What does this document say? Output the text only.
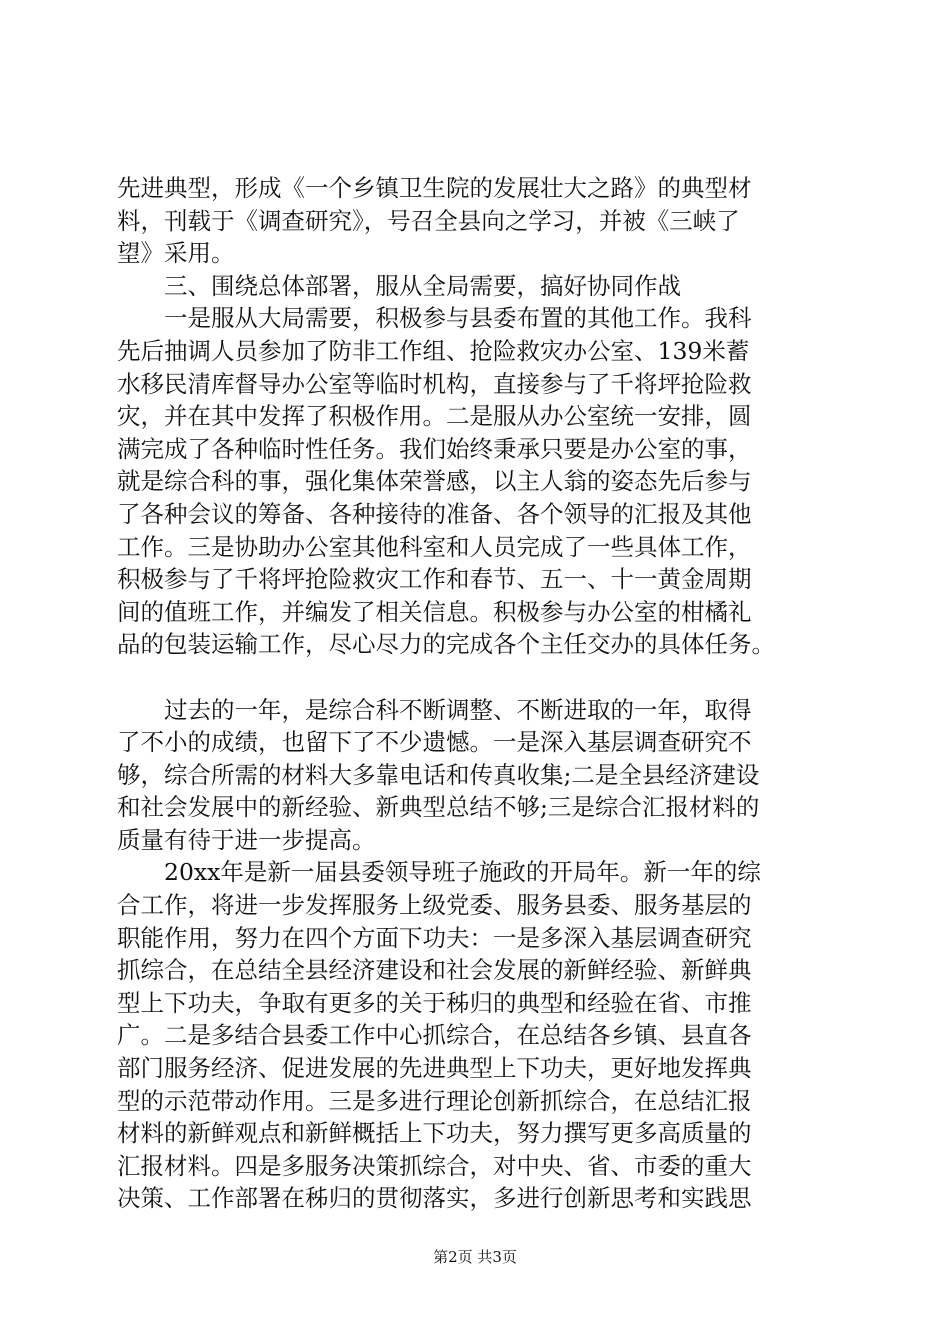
先进典型，形成《一个乡镇卫生院的发展壮大之路》的典型材
料，刊载于《调查研究》，号召全县向之学习，并被《三峡了
望》采用。
　　三、围绕总体部署，服从全局需要，搞好协同作战
　　一是服从大局需要，积极参与县委布置的其他工作。我科
先后抽调人员参加了防非工作组、抢险救灾办公室、139米蓄
水移民清库督导办公室等临时机构，直接参与了千将坪抢险救
灾，并在其中发挥了积极作用。二是服从办公室统一安排，圆
满完成了各种临时性任务。我们始终秉承只要是办公室的事，
就是综合科的事，强化集体荣誉感，以主人翁的姿态先后参与
了各种会议的筹备、各种接待的准备、各个领导的汇报及其他
工作。三是协助办公室其他科室和人员完成了一些具体工作，
积极参与了千将坪抢险救灾工作和春节、五一、十一黄金周期
间的值班工作，并编发了相关信息。积极参与办公室的柑橘礼
品的包装运输工作，尽心尽力的完成各个主任交办的具体任务。
　　过去的一年，是综合科不断调整、不断进取的一年，取得
了不小的成绩，也留下了不少遗憾。一是深入基层调查研究不
够，综合所需的材料大多靠电话和传真收集;二是全县经济建设
和社会发展中的新经验、新典型总结不够;三是综合汇报材料的
质量有待于进一步提高。
　　20xx年是新一届县委领导班子施政的开局年。新一年的综
合工作，将进一步发挥服务上级党委、服务县委、服务基层的
职能作用，努力在四个方面下功夫：一是多深入基层调查研究
抓综合，在总结全县经济建设和社会发展的新鲜经验、新鲜典
型上下功夫，争取有更多的关于秭归的典型和经验在省、市推
广。二是多结合县委工作中心抓综合，在总结各乡镇、县直各
部门服务经济、促进发展的先进典型上下功夫，更好地发挥典
型的示范带动作用。三是多进行理论创新抓综合，在总结汇报
材料的新鲜观点和新鲜概括上下功夫，努力撰写更多高质量的
汇报材料。四是多服务决策抓综合，对中央、省、市委的重大
决策、工作部署在秭归的贯彻落实，多进行创新思考和实践思
第2页 共3页
